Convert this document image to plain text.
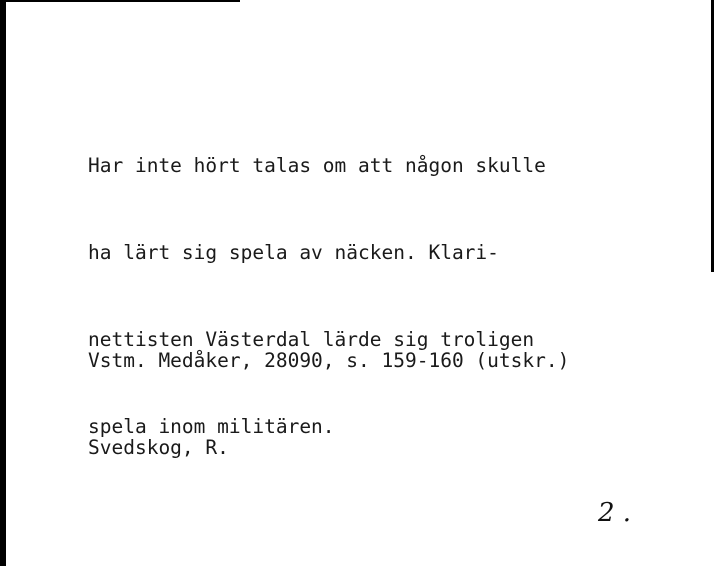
Har inte hört talas om att någon skulle

ha lärt sig spela av näcken. Klari-

nettisten Västerdal lärde sig troligen

spela inom militären.

Vstm. Medåker, 28090, s. 159-160 (utskr.)

Svedskog, R.

2 .
